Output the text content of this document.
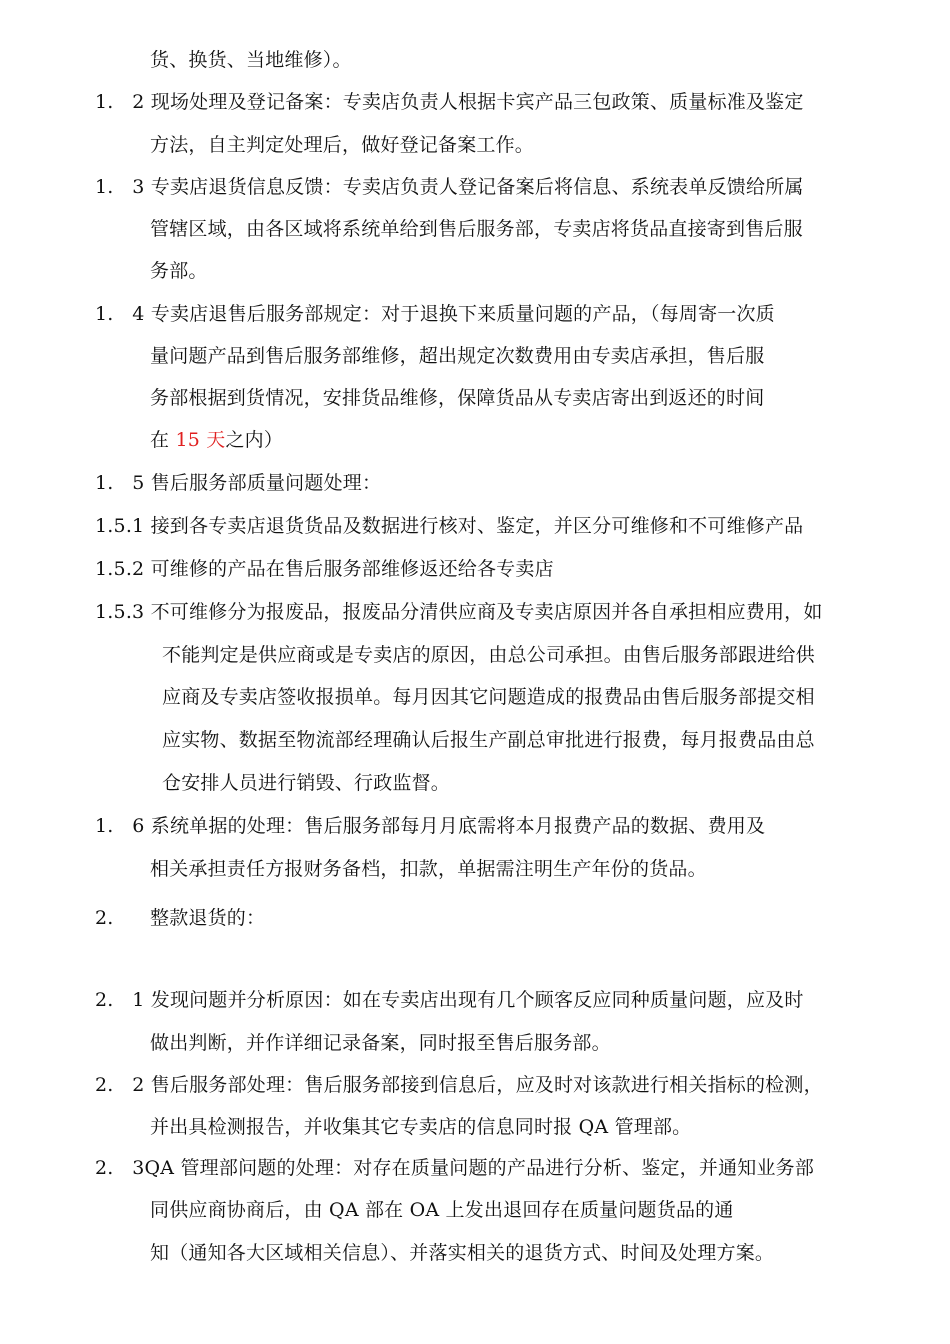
货、换货、当地维修）。
1.   2 现场处理及登记备案：专卖店负责人根据卡宾产品三包政策、质量标准及鉴定
方法，自主判定处理后，做好登记备案工作。
1.   3 专卖店退货信息反馈：专卖店负责人登记备案后将信息、系统表单反馈给所属
管辖区域，由各区域将系统单给到售后服务部，专卖店将货品直接寄到售后服
务部。
1.   4 专卖店退售后服务部规定：对于退换下来质量问题的产品，（每周寄一次质
量问题产品到售后服务部维修，超出规定次数费用由专卖店承担，售后服
务部根据到货情况，安排货品维修，保障货品从专卖店寄出到返还的时间
在 15 天之内）
1.   5 售后服务部质量问题处理：
1.5.1 接到各专卖店退货货品及数据进行核对、鉴定，并区分可维修和不可维修产品
1.5.2 可维修的产品在售后服务部维修返还给各专卖店
1.5.3 不可维修分为报废品，报废品分清供应商及专卖店原因并各自承担相应费用，如
不能判定是供应商或是专卖店的原因，由总公司承担。由售后服务部跟进给供
应商及专卖店签收报损单。每月因其它问题造成的报费品由售后服务部提交相
应实物、数据至物流部经理确认后报生产副总审批进行报费，每月报费品由总
仓安排人员进行销毁、行政监督。
1.   6 系统单据的处理：售后服务部每月月底需将本月报费产品的数据、费用及
相关承担责任方报财务备档，扣款，单据需注明生产年份的货品。
2. 整款退货的：
2.   1 发现问题并分析原因：如在专卖店出现有几个顾客反应同种质量问题，应及时
做出判断，并作详细记录备案，同时报至售后服务部。
2.   2 售后服务部处理：售后服务部接到信息后，应及时对该款进行相关指标的检测，
并出具检测报告，并收集其它专卖店的信息同时报 QA 管理部。
2.   3QA 管理部问题的处理：对存在质量问题的产品进行分析、鉴定，并通知业务部
同供应商协商后，由 QA 部在 OA 上发出退回存在质量问题货品的通
知（通知各大区域相关信息）、并落实相关的退货方式、时间及处理方案。
